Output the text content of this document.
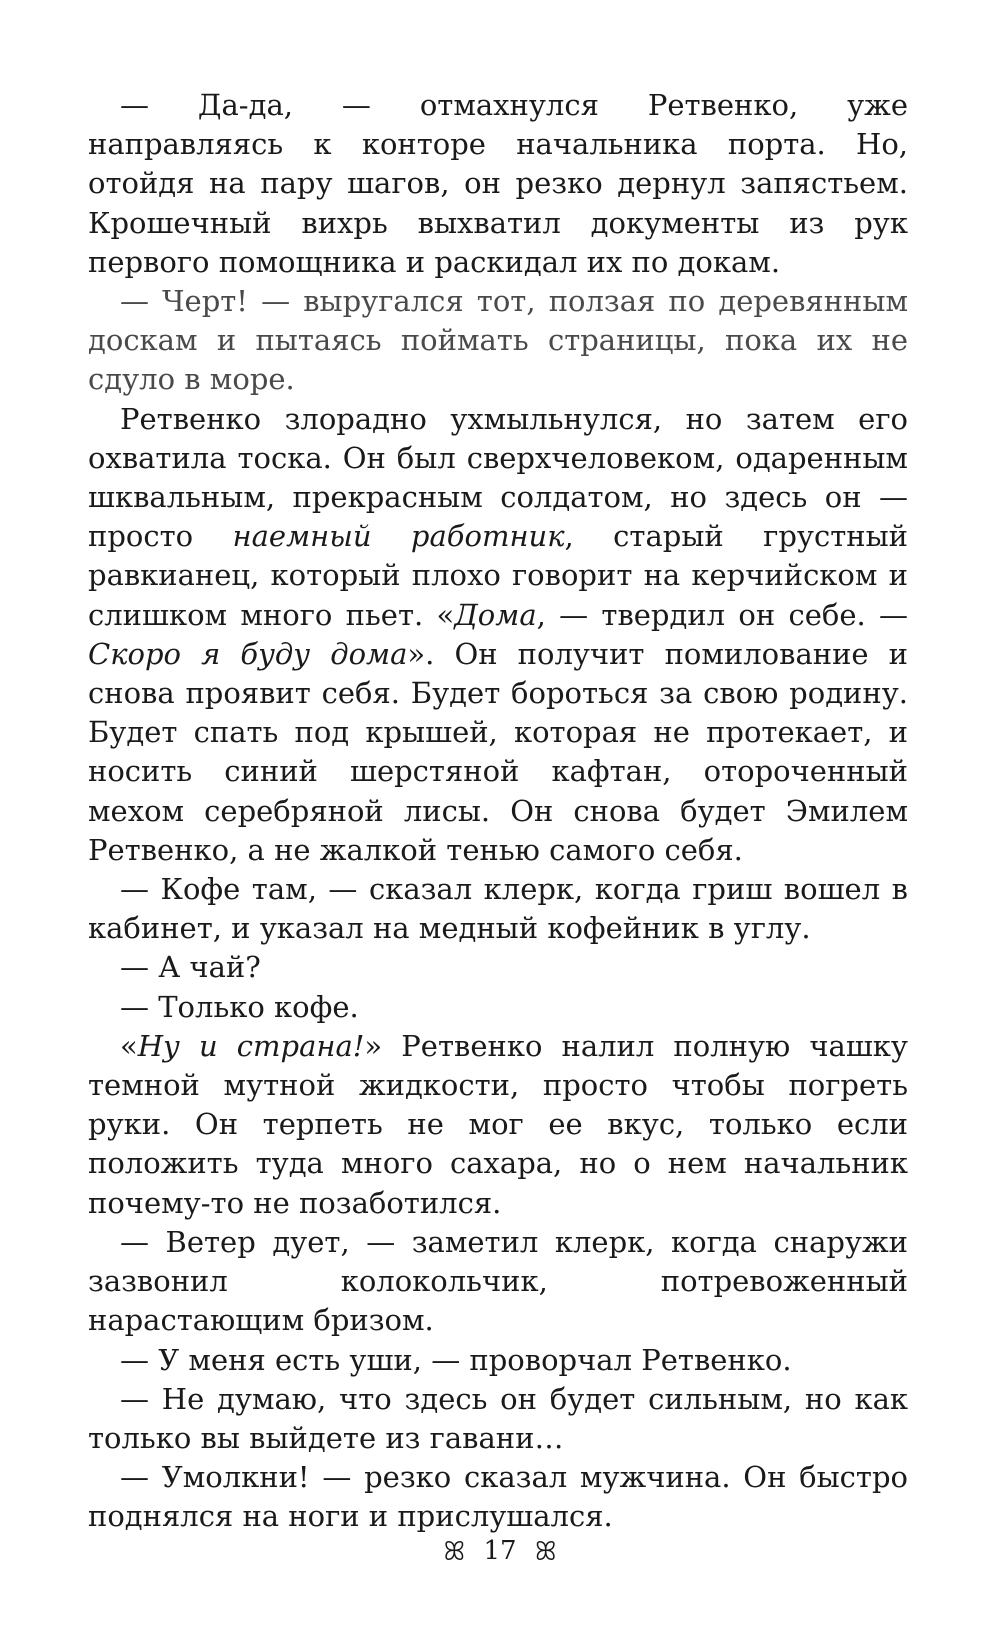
— Да-да, — отмахнулся Ретвенко, уже направляясь к конторе начальника порта. Но, отойдя на пару шагов, он резко дернул запястьем. Крошечный вихрь выхватил документы из рук первого помощника и раскидал их по докам.

— Черт! — выругался тот, ползая по деревянным доскам и пытаясь поймать страницы, пока их не сдуло в море.

Ретвенко злорадно ухмыльнулся, но затем его охватила тоска. Он был сверхчеловеком, одаренным шквальным, прекрасным солдатом, но здесь он — просто наемный работник, старый грустный равкианец, который плохо говорит на керчийском и слишком много пьет. «Дома, — твердил он себе. — Скоро я буду дома». Он получит помилование и снова проявит себя. Будет бороться за свою родину. Будет спать под крышей, которая не протекает, и носить синий шерстяной кафтан, отороченный мехом серебряной лисы. Он снова будет Эмилем Ретвенко, а не жалкой тенью самого себя.

— Кофе там, — сказал клерк, когда гриш вошел в кабинет, и указал на медный кофейник в углу.

— А чай?

— Только кофе.

«Ну и страна!» Ретвенко налил полную чашку темной мутной жидкости, просто чтобы погреть руки. Он терпеть не мог ее вкус, только если положить туда много сахара, но о нем начальник почему-то не позаботился.

— Ветер дует, — заметил клерк, когда снаружи зазвонил колокольчик, потревоженный нарастающим бризом.

— У меня есть уши, — проворчал Ретвенко.

— Не думаю, что здесь он будет сильным, но как только вы выйдете из гавани…

— Умолкни! — резко сказал мужчина. Он быстро поднялся на ноги и прислушался.

ꕤ 17 ꕤ
